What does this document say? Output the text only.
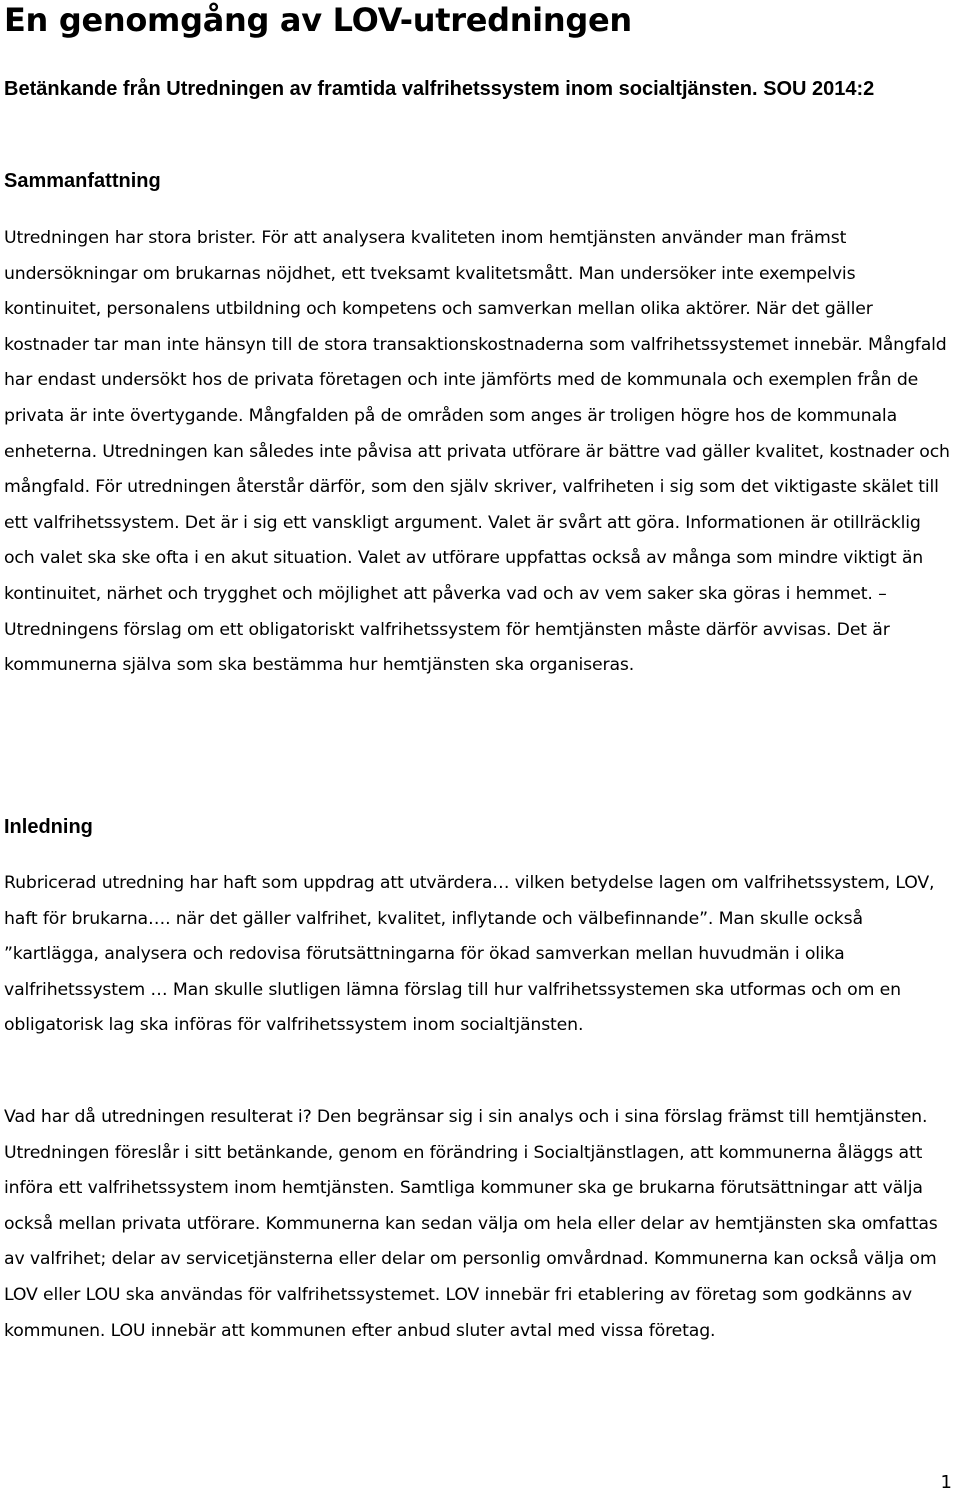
En genomgång av LOV-utredningen

Betänkande från Utredningen av framtida valfrihetssystem inom socialtjänsten. SOU 2014:2

Sammanfattning

Utredningen har stora brister. För att analysera kvaliteten inom hemtjänsten använder man främst undersökningar om brukarnas nöjdhet, ett tveksamt kvalitetsmått. Man undersöker inte exempelvis kontinuitet, personalens utbildning och kompetens och samverkan mellan olika aktörer. När det gäller kostnader tar man inte hänsyn till de stora transaktionskostnaderna som valfrihetssystemet innebär. Mångfald har endast undersökt hos de privata företagen och inte jämförts med de kommunala och exemplen från de privata är inte övertygande. Mångfalden på de områden som anges är troligen högre hos de kommunala enheterna. Utredningen kan således inte påvisa att privata utförare är bättre vad gäller kvalitet, kostnader och mångfald. För utredningen återstår därför, som den själv skriver, valfriheten i sig som det viktigaste skälet till ett valfrihetssystem. Det är i sig ett vanskligt argument. Valet är svårt att göra. Informationen är otillräcklig och valet ska ske ofta i en akut situation. Valet av utförare uppfattas också av många som mindre viktigt än kontinuitet, närhet och trygghet och möjlighet att påverka vad och av vem saker ska göras i hemmet. – Utredningens förslag om ett obligatoriskt valfrihetssystem för hemtjänsten måste därför avvisas. Det är kommunerna själva som ska bestämma hur hemtjänsten ska organiseras.

Inledning

Rubricerad utredning har haft som uppdrag att utvärdera… vilken betydelse lagen om valfrihetssystem, LOV, haft för brukarna…. när det gäller valfrihet, kvalitet, inflytande och välbefinnande”. Man skulle också ”kartlägga, analysera och redovisa förutsättningarna för ökad samverkan mellan huvudmän i olika valfrihetssystem … Man skulle slutligen lämna förslag till hur valfrihetssystemen ska utformas och om en obligatorisk lag ska införas för valfrihetssystem inom socialtjänsten.

Vad har då utredningen resulterat i? Den begränsar sig i sin analys och i sina förslag främst till hemtjänsten. Utredningen föreslår i sitt betänkande, genom en förändring i Socialtjänstlagen, att kommunerna åläggs att införa ett valfrihetssystem inom hemtjänsten. Samtliga kommuner ska ge brukarna förutsättningar att välja också mellan privata utförare. Kommunerna kan sedan välja om hela eller delar av hemtjänsten ska omfattas av valfrihet; delar av servicetjänsterna eller delar om personlig omvårdnad. Kommunerna kan också välja om LOV eller LOU ska användas för valfrihetssystemet. LOV innebär fri etablering av företag som godkänns av kommunen. LOU innebär att kommunen efter anbud sluter avtal med vissa företag.

1
